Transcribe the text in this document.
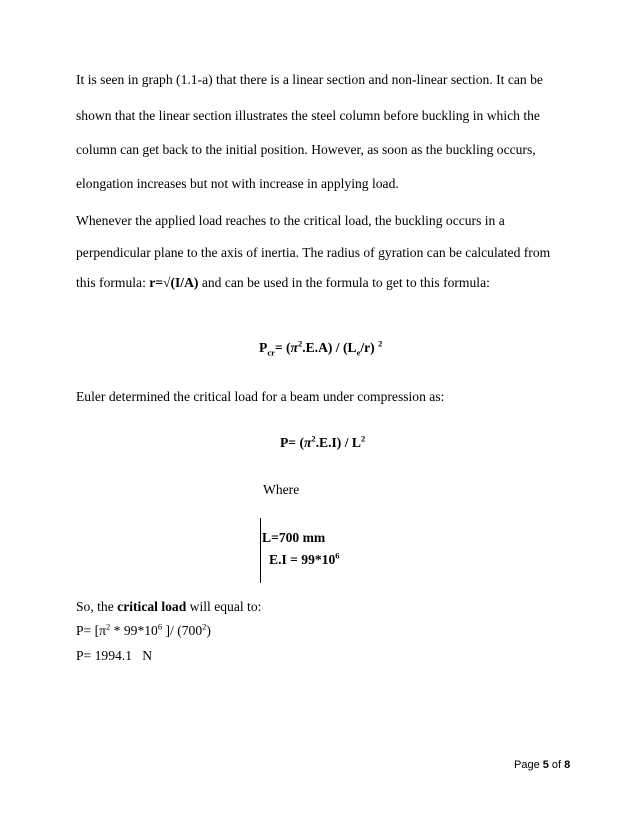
It is seen in graph (1.1-a) that there is a linear section and non-linear section. It can be
shown that the linear section illustrates the steel column before buckling in which the
column can get back to the initial position. However, as soon as the buckling occurs,
elongation increases but not with increase in applying load.
Whenever the applied load reaches to the critical load, the buckling occurs in a
perpendicular plane to the axis of inertia. The radius of gyration can be calculated from
this formula: r=√(I/A) and can be used in the formula to get to this formula:
$P_{cr}= (\pi^2.E.A) / (L_e/r)$ $^2$
Euler determined the critical load for a beam under compression as:
$P= (\pi^2.E.I) / L^2$
Where
L=700 mm
$E.I = 99*10^6$
So, the critical load will equal to:
$P= [\pi^2 * 99*10^6$ ]/ $(700^2)$
P= 1994.1   N
Page 5 of 8
